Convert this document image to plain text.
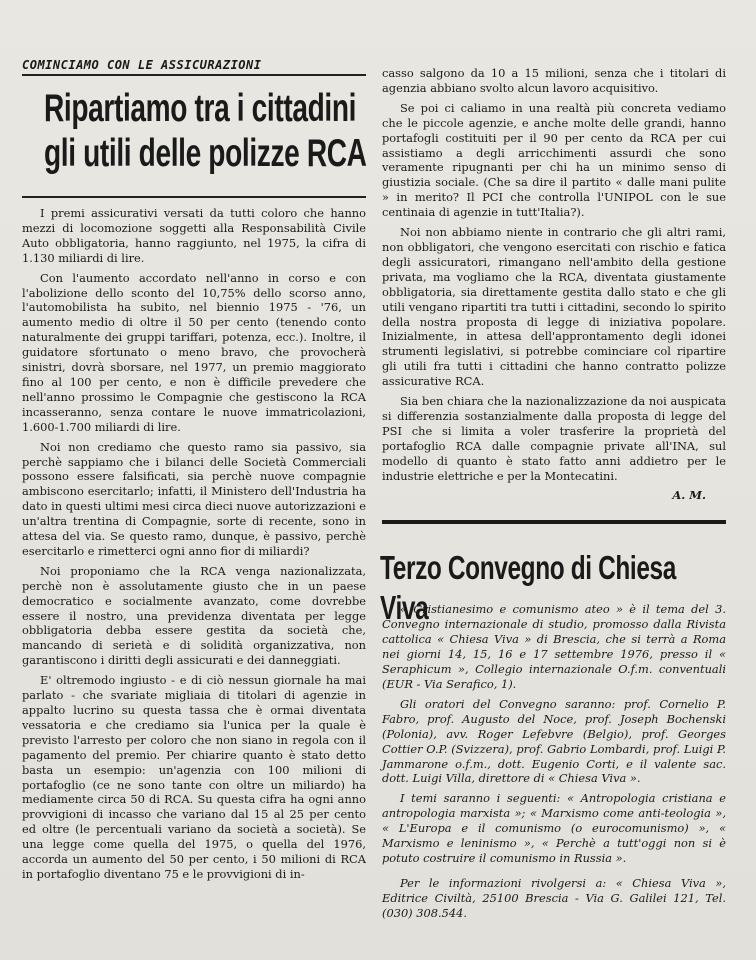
COMINCIAMO CON LE ASSICURAZIONI
Ripartiamo tra i cittadini
gli utili delle polizze RCA

I premi assicurativi versati da tutti coloro che hanno mezzi di locomozione soggetti alla Responsabilità Civile Auto obbligatoria, hanno raggiunto, nel 1975, la cifra di 1.130 miliardi di lire.

Con l'aumento accordato nell'anno in corso e con l'abolizione dello sconto del 10,75% dello scorso anno, l'automobilista ha subito, nel biennio 1975 - '76, un aumento medio di oltre il 50 per cento (tenendo conto naturalmente dei gruppi tariffari, potenza, ecc.). Inoltre, il guidatore sfortunato o meno bravo, che provocherà sinistri, dovrà sborsare, nel 1977, un premio maggiorato fino al 100 per cento, e non è difficile prevedere che nell'anno prossimo le Compagnie che gestiscono la RCA incasseranno, senza contare le nuove immatricolazioni, 1.600-1.700 miliardi di lire.

Noi non crediamo che questo ramo sia passivo, sia perchè sappiamo che i bilanci delle Società Commerciali possono essere falsificati, sia perchè nuove compagnie ambiscono esercitarlo; infatti, il Ministero dell'Industria ha dato in questi ultimi mesi circa dieci nuove autorizzazioni e un'altra trentina di Compagnie, sorte di recente, sono in attesa del via. Se questo ramo, dunque, è passivo, perchè esercitarlo e rimetterci ogni anno fior di miliardi?

Noi proponiamo che la RCA venga nazionalizzata, perchè non è assolutamente giusto che in un paese democratico e socialmente avanzato, come dovrebbe essere il nostro, una previdenza diventata per legge obbligatoria debba essere gestita da società che, mancando di serietà e di solidità organizzativa, non garantiscono i diritti degli assicurati e dei danneggiati.

E' oltremodo ingiusto - e di ciò nessun giornale ha mai parlato - che svariate migliaia di titolari di agenzie in appalto lucrino su questa tassa che è ormai diventata vessatoria e che crediamo sia l'unica per la quale è previsto l'arresto per coloro che non siano in regola con il pagamento del premio. Per chiarire quanto è stato detto basta un esempio: un'agenzia con 100 milioni di portafoglio (ce ne sono tante con oltre un miliardo) ha mediamente circa 50 di RCA. Su questa cifra ha ogni anno provvigioni di incasso che variano dal 15 al 25 per cento ed oltre (le percentuali variano da società a società). Se una legge come quella del 1975, o quella del 1976, accorda un aumento del 50 per cento, i 50 milioni di RCA in portafoglio diventano 75 e le provvigioni di in-

casso salgono da 10 a 15 milioni, senza che i titolari di agenzia abbiano svolto alcun lavoro acquisitivo.

Se poi ci caliamo in una realtà più concreta vediamo che le piccole agenzie, e anche molte delle grandi, hanno portafogli costituiti per il 90 per cento da RCA per cui assistiamo a degli arricchimenti assurdi che sono veramente ripugnanti per chi ha un minimo senso di giustizia sociale. (Che sa dire il partito « dalle mani pulite » in merito? Il PCI che controlla l'UNIPOL con le sue centinaia di agenzie in tutt'Italia?).

Noi non abbiamo niente in contrario che gli altri rami, non obbligatori, che vengono esercitati con rischio e fatica degli assicuratori, rimangano nell'ambito della gestione privata, ma vogliamo che la RCA, diventata giustamente obbligatoria, sia direttamente gestita dallo stato e che gli utili vengano ripartiti tra tutti i cittadini, secondo lo spirito della nostra proposta di legge di iniziativa popolare. Inizialmente, in attesa dell'approntamento degli idonei strumenti legislativi, si potrebbe cominciare col ripartire gli utili fra tutti i cittadini che hanno contratto polizze assicurative RCA.

Sia ben chiara che la nazionalizzazione da noi auspicata si differenzia sostanzialmente dalla proposta di legge del PSI che si limita a voler trasferire la proprietà del portafoglio RCA dalle compagnie private all'INA, sul modello di quanto è stato fatto anni addietro per le industrie elettriche e per la Montecatini.

A. M.
Terzo Convegno di Chiesa Viva

« Cristianesimo e comunismo ateo » è il tema del 3. Convegno internazionale di studio, promosso dalla Rivista cattolica « Chiesa Viva » di Brescia, che si terrà a Roma nei giorni 14, 15, 16 e 17 settembre 1976, presso il « Seraphicum », Collegio internazionale O.f.m. conventuali (EUR - Via Serafico, 1).

Gli oratori del Convegno saranno: prof. Cornelio P. Fabro, prof. Augusto del Noce, prof. Joseph Bochenski (Polonia), avv. Roger Lefebvre (Belgio), prof. Georges Cottier O.P. (Svizzera), prof. Gabrio Lombardi, prof. Luigi P. Jammarone o.f.m., dott. Eugenio Corti, e il valente sac. dott. Luigi Villa, direttore di « Chiesa Viva ».

I temi saranno i seguenti: « Antropologia cristiana e antropologia marxista »; « Marxismo come anti-teologia », « L'Europa e il comunismo (o eurocomunismo) », « Marxismo e leninismo », « Perchè a tutt'oggi non si è potuto costruire il comunismo in Russia ».

Per le informazioni rivolgersi a: « Chiesa Viva », Editrice Civiltà, 25100 Brescia - Via G. Galilei 121, Tel. (030) 308.544.
